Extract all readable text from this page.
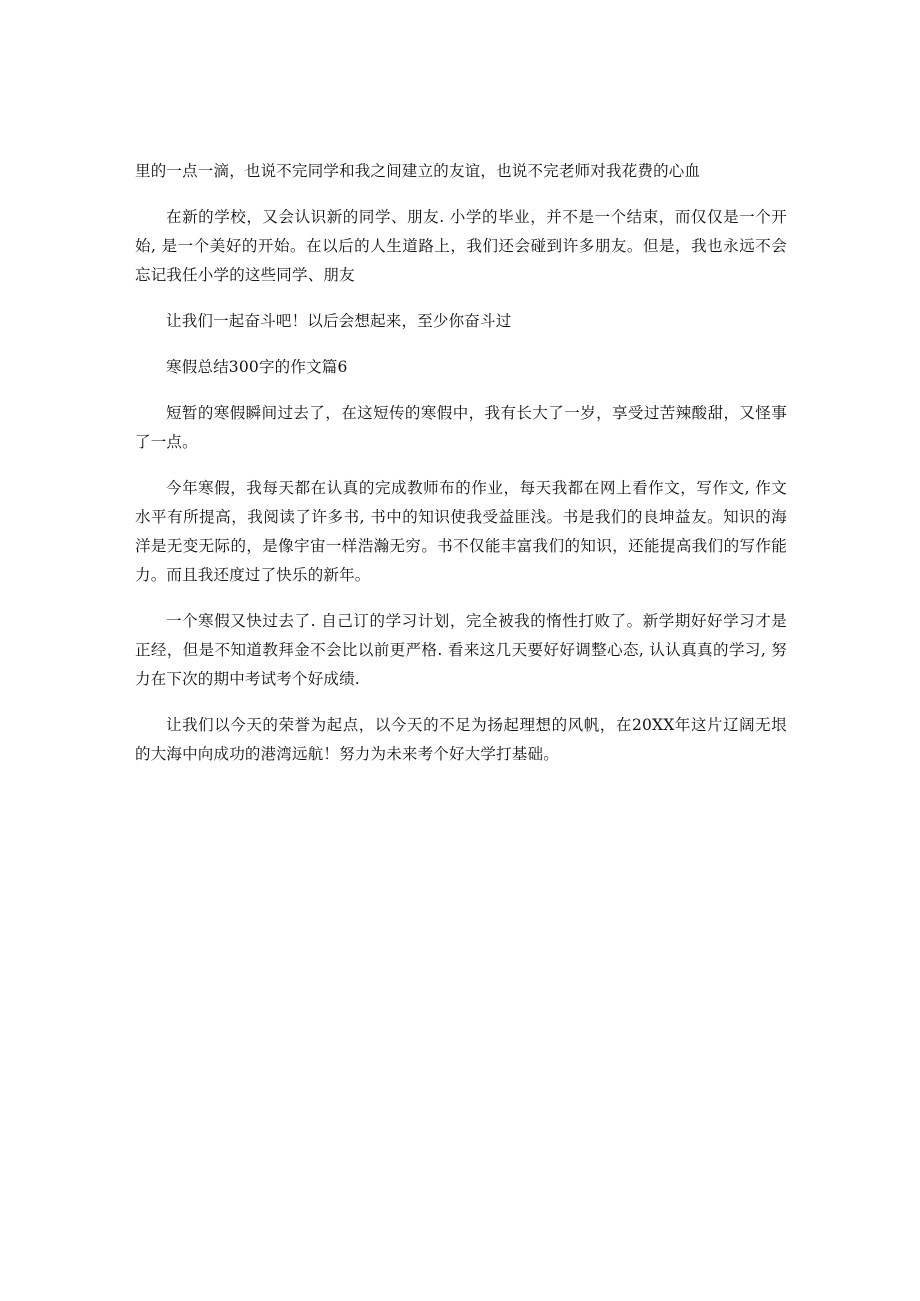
里的一点一滴，也说不完同学和我之间建立的友谊，也说不完老师对我花费的心血

在新的学校，又会认识新的同学、朋友. 小学的毕业，并不是一个结束，而仅仅是一个开始, 是一个美好的开始。在以后的人生道路上，我们还会碰到许多朋友。但是，我也永远不会忘记我任小学的这些同学、朋友

让我们一起奋斗吧！以后会想起来，至少你奋斗过

寒假总结300字的作文篇6

短暂的寒假瞬间过去了，在这短传的寒假中，我有长大了一岁，享受过苦辣酸甜，又怪事了一点。

今年寒假，我每天都在认真的完成教师布的作业，每天我都在网上看作文，写作文, 作文水平有所提高，我阅读了许多书, 书中的知识使我受益匪浅。书是我们的良坤益友。知识的海洋是无变无际的，是像宇宙一样浩瀚无穷。书不仅能丰富我们的知识，还能提高我们的写作能力。而且我还度过了快乐的新年。

一个寒假又快过去了. 自己订的学习计划，完全被我的惰性打败了。新学期好好学习才是正经，但是不知道教拜金不会比以前更严格. 看来这几天要好好调整心态, 认认真真的学习, 努力在下次的期中考试考个好成绩.

让我们以今天的荣誉为起点，以今天的不足为扬起理想的风帆，在20XX年这片辽阔无垠的大海中向成功的港湾远航！努力为未来考个好大学打基础。
